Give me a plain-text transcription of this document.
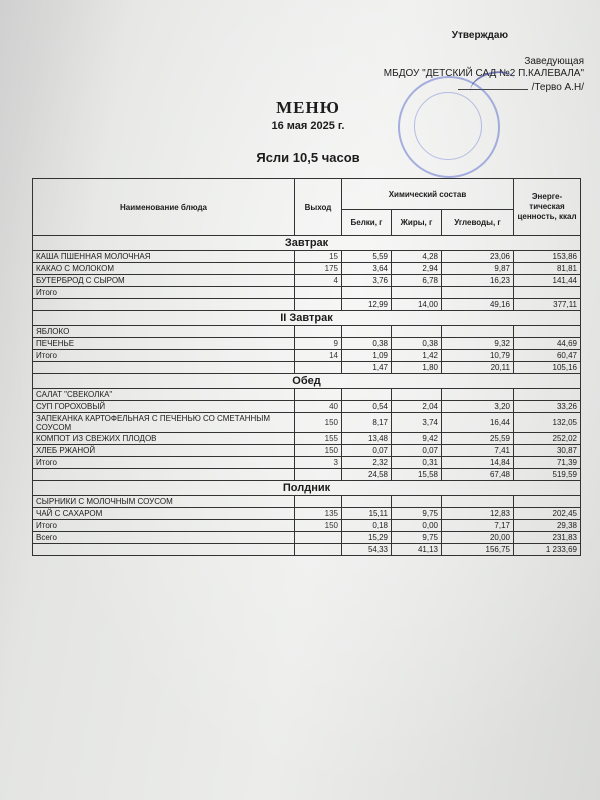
Утверждаю
Заведующая
МБДОУ "ДЕТСКИЙ САД №2 П.КАЛЕВАЛА"
/Терво А.Н/
МЕНЮ
16 мая 2025 г.
Ясли 10,5 часов
Наименование блюда	Выход	Химический состав			Энерге-тическая ценность, ккал
		Белки, г	Жиры, г	Углеводы, г	
Завтрак					
КАША ПШЕННАЯ МОЛОЧНАЯ	15	5,59	4,28	23,06	153,86
КАКАО С МОЛОКОМ	175	3,64	2,94	9,87	81,81
БУТЕРБРОД С СЫРОМ	4	3,76	6,78	16,23	141,44
Итого					
		12,99	14,00	49,16	377,11
II Завтрак					
ЯБЛОКО					
ПЕЧЕНЬЕ	9	0,38	0,38	9,32	44,69
Итого	14	1,09	1,42	10,79	60,47
		1,47	1,80	20,11	105,16
Обед					
САЛАТ "СВЕКОЛКА"					
СУП ГОРОХОВЫЙ	40	0,54	2,04	3,20	33,26
ЗАПЕКАНКА КАРТОФЕЛЬНАЯ С ПЕЧЕНЬЮ СО СМЕТАННЫМ СОУСОМ	150	8,17	3,74	16,44	132,05
КОМПОТ ИЗ СВЕЖИХ ПЛОДОВ	155	13,48	9,42	25,59	252,02
ХЛЕБ РЖАНОЙ	150	0,07	0,07	7,41	30,87
Итого	3	2,32	0,31	14,84	71,39
		24,58	15,58	67,48	519,59
Полдник					
СЫРНИКИ С МОЛОЧНЫМ СОУСОМ					
ЧАЙ С САХАРОМ	135	15,11	9,75	12,83	202,45
Итого	150	0,18	0,00	7,17	29,38
Всего		15,29	9,75	20,00	231,83
		54,33	41,13	156,75	1 233,69
